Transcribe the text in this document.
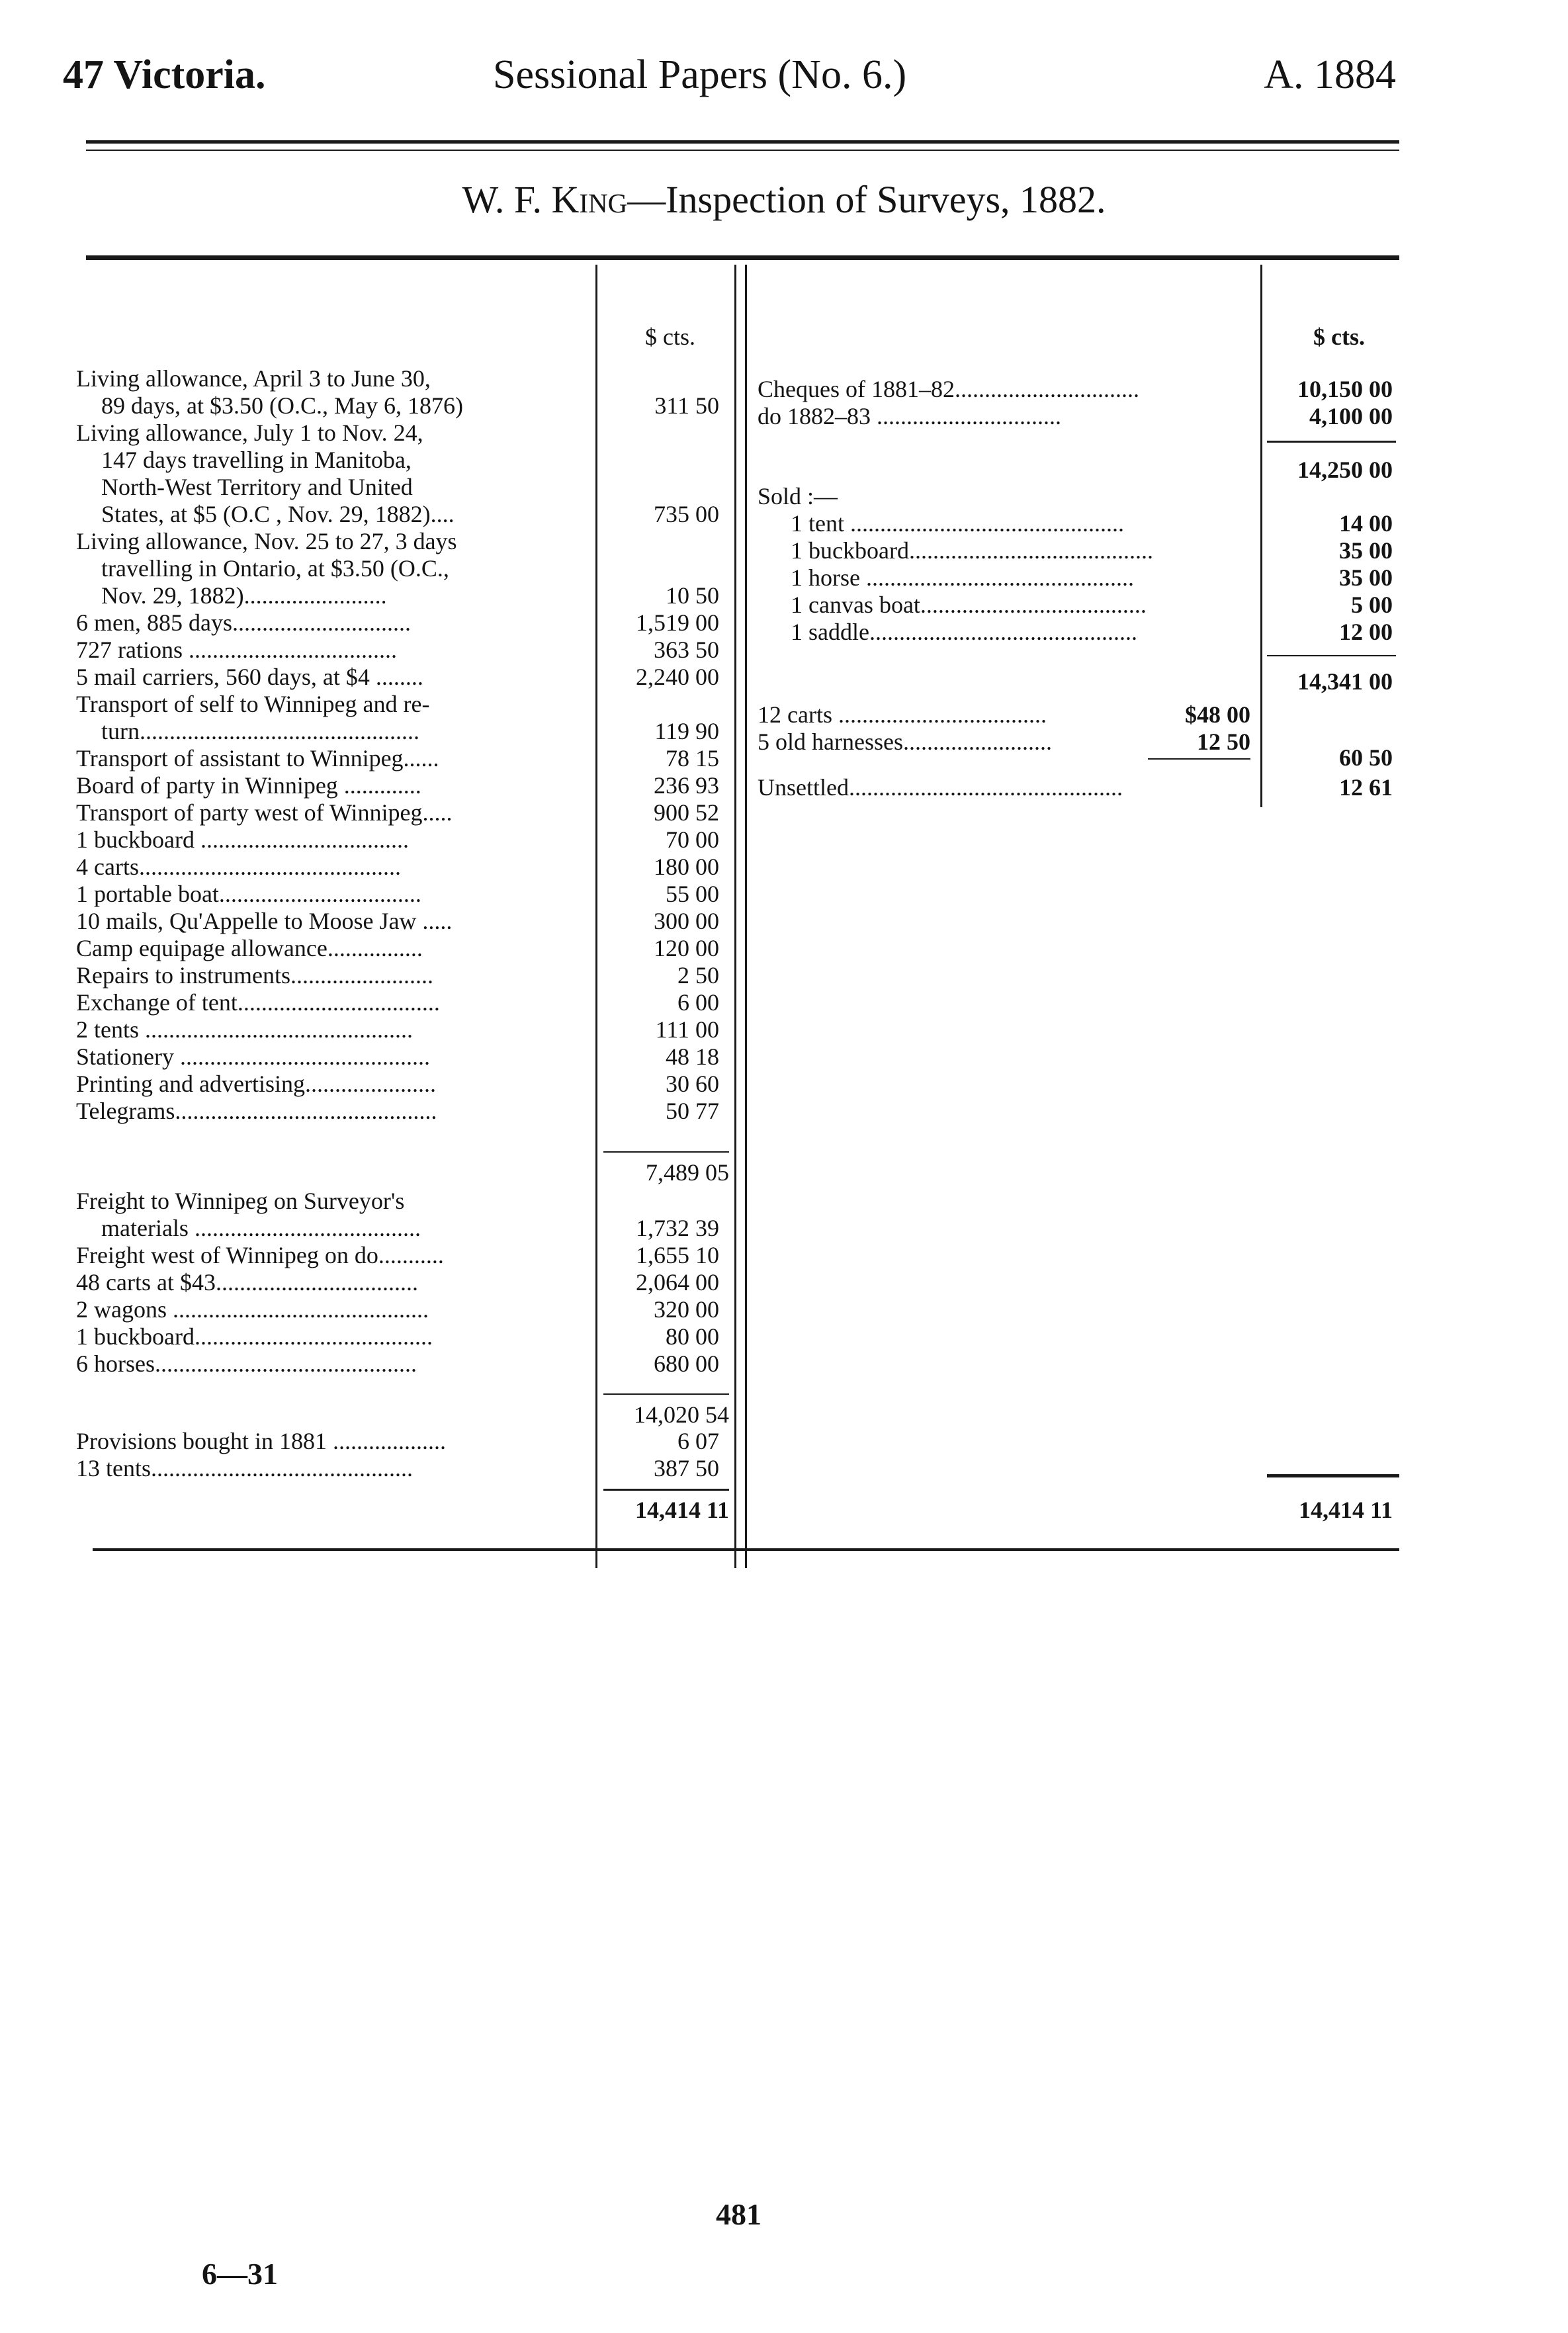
47 Victoria.	Sessional Papers (No. 6.)	A. 1884
W. F. King—Inspection of Surveys, 1882.
$ cts.	$ cts.
Living allowance, April 3 to June 30,
89 days, at $3.50 (O.C., May 6, 1876)	311 50
Living allowance, July 1 to Nov. 24,
147 days travelling in Manitoba,
North-West Territory and United
States, at $5 (O.C , Nov. 29, 1882)....	735 00
Living allowance, Nov. 25 to 27, 3 days
travelling in Ontario, at $3.50 (O.C.,
Nov. 29, 1882)........................	10 50
6 men, 885 days..............................	1,519 00
727 rations ...................................	363 50
5 mail carriers, 560 days, at $4 ........	2,240 00
Transport of self to Winnipeg and re-
turn...............................................	119 90
Transport of assistant to Winnipeg......	78 15
Board of party in Winnipeg .............	236 93
Transport of party west of Winnipeg.....	900 52
1 buckboard ...................................	70 00
4 carts............................................	180 00
1 portable boat..................................	55 00
10 mails, Qu'Appelle to Moose Jaw .....	300 00
Camp equipage allowance................	120 00
Repairs to instruments........................	2 50
Exchange of tent..................................	6 00
2 tents .............................................	111 00
Stationery ..........................................	48 18
Printing and advertising......................	30 60
Telegrams............................................	50 77
7,489 05
Freight to Winnipeg on Surveyor's
materials ......................................	1,732 39
Freight west of Winnipeg on do...........	1,655 10
48 carts at $43..................................	2,064 00
2 wagons ...........................................	320 00
1 buckboard........................................	80 00
6 horses............................................	680 00
14,020 54
Provisions bought in 1881 ...................	6 07
13 tents............................................	387 50
14,414 11
Cheques of 1881–82...............................	10,150 00
do 1882–83 ...............................	4,100 00
14,250 00
Sold :—
1 tent ..............................................	14 00
1 buckboard.........................................	35 00
1 horse .............................................	35 00
1 canvas boat......................................	5 00
1 saddle.............................................	12 00
14,341 00
12 carts ...................................	$48 00
5 old harnesses.........................	12 50
60 50
Unsettled..............................................	12 61
14,414 11
481
6—31
